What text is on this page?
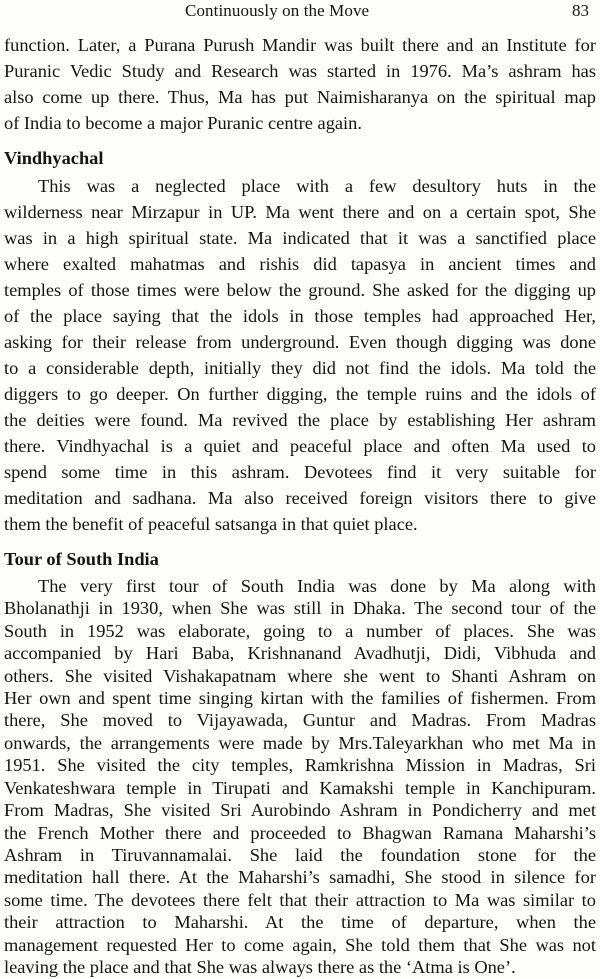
Continuously on the Move	83
function. Later, a Purana Purush Mandir was built there and an Institute for
Puranic Vedic Study and Research was started in 1976. Ma’s ashram has
also come up there. Thus, Ma has put Naimisharanya on the spiritual map
of India to become a major Puranic centre again.
Vindhyachal
This was a neglected place with a few desultory huts in the
wilderness near Mirzapur in UP. Ma went there and on a certain spot, She
was in a high spiritual state. Ma indicated that it was a sanctified place
where exalted mahatmas and rishis did tapasya in ancient times and
temples of those times were below the ground. She asked for the digging up
of the place saying that the idols in those temples had approached Her,
asking for their release from underground. Even though digging was done
to a considerable depth, initially they did not find the idols. Ma told the
diggers to go deeper. On further digging, the temple ruins and the idols of
the deities were found. Ma revived the place by establishing Her ashram
there. Vindhyachal is a quiet and peaceful place and often Ma used to
spend some time in this ashram. Devotees find it very suitable for
meditation and sadhana. Ma also received foreign visitors there to give
them the benefit of peaceful satsanga in that quiet place.
Tour of South India
The very first tour of South India was done by Ma along with
Bholanathji in 1930, when She was still in Dhaka. The second tour of the
South in 1952 was elaborate, going to a number of places. She was
accompanied by Hari Baba, Krishnanand Avadhutji, Didi, Vibhuda and
others. She visited Vishakapatnam where she went to Shanti Ashram on
Her own and spent time singing kirtan with the families of fishermen. From
there, She moved to Vijayawada, Guntur and Madras. From Madras
onwards, the arrangements were made by Mrs.Taleyarkhan who met Ma in
1951. She visited the city temples, Ramkrishna Mission in Madras, Sri
Venkateshwara temple in Tirupati and Kamakshi temple in Kanchipuram.
From Madras, She visited Sri Aurobindo Ashram in Pondicherry and met
the French Mother there and proceeded to Bhagwan Ramana Maharshi’s
Ashram in Tiruvannamalai. She laid the foundation stone for the
meditation hall there. At the Maharshi’s samadhi, She stood in silence for
some time. The devotees there felt that their attraction to Ma was similar to
their attraction to Maharshi. At the time of departure, when the
management requested Her to come again, She told them that She was not
leaving the place and that She was always there as the ‘Atma is One’.
